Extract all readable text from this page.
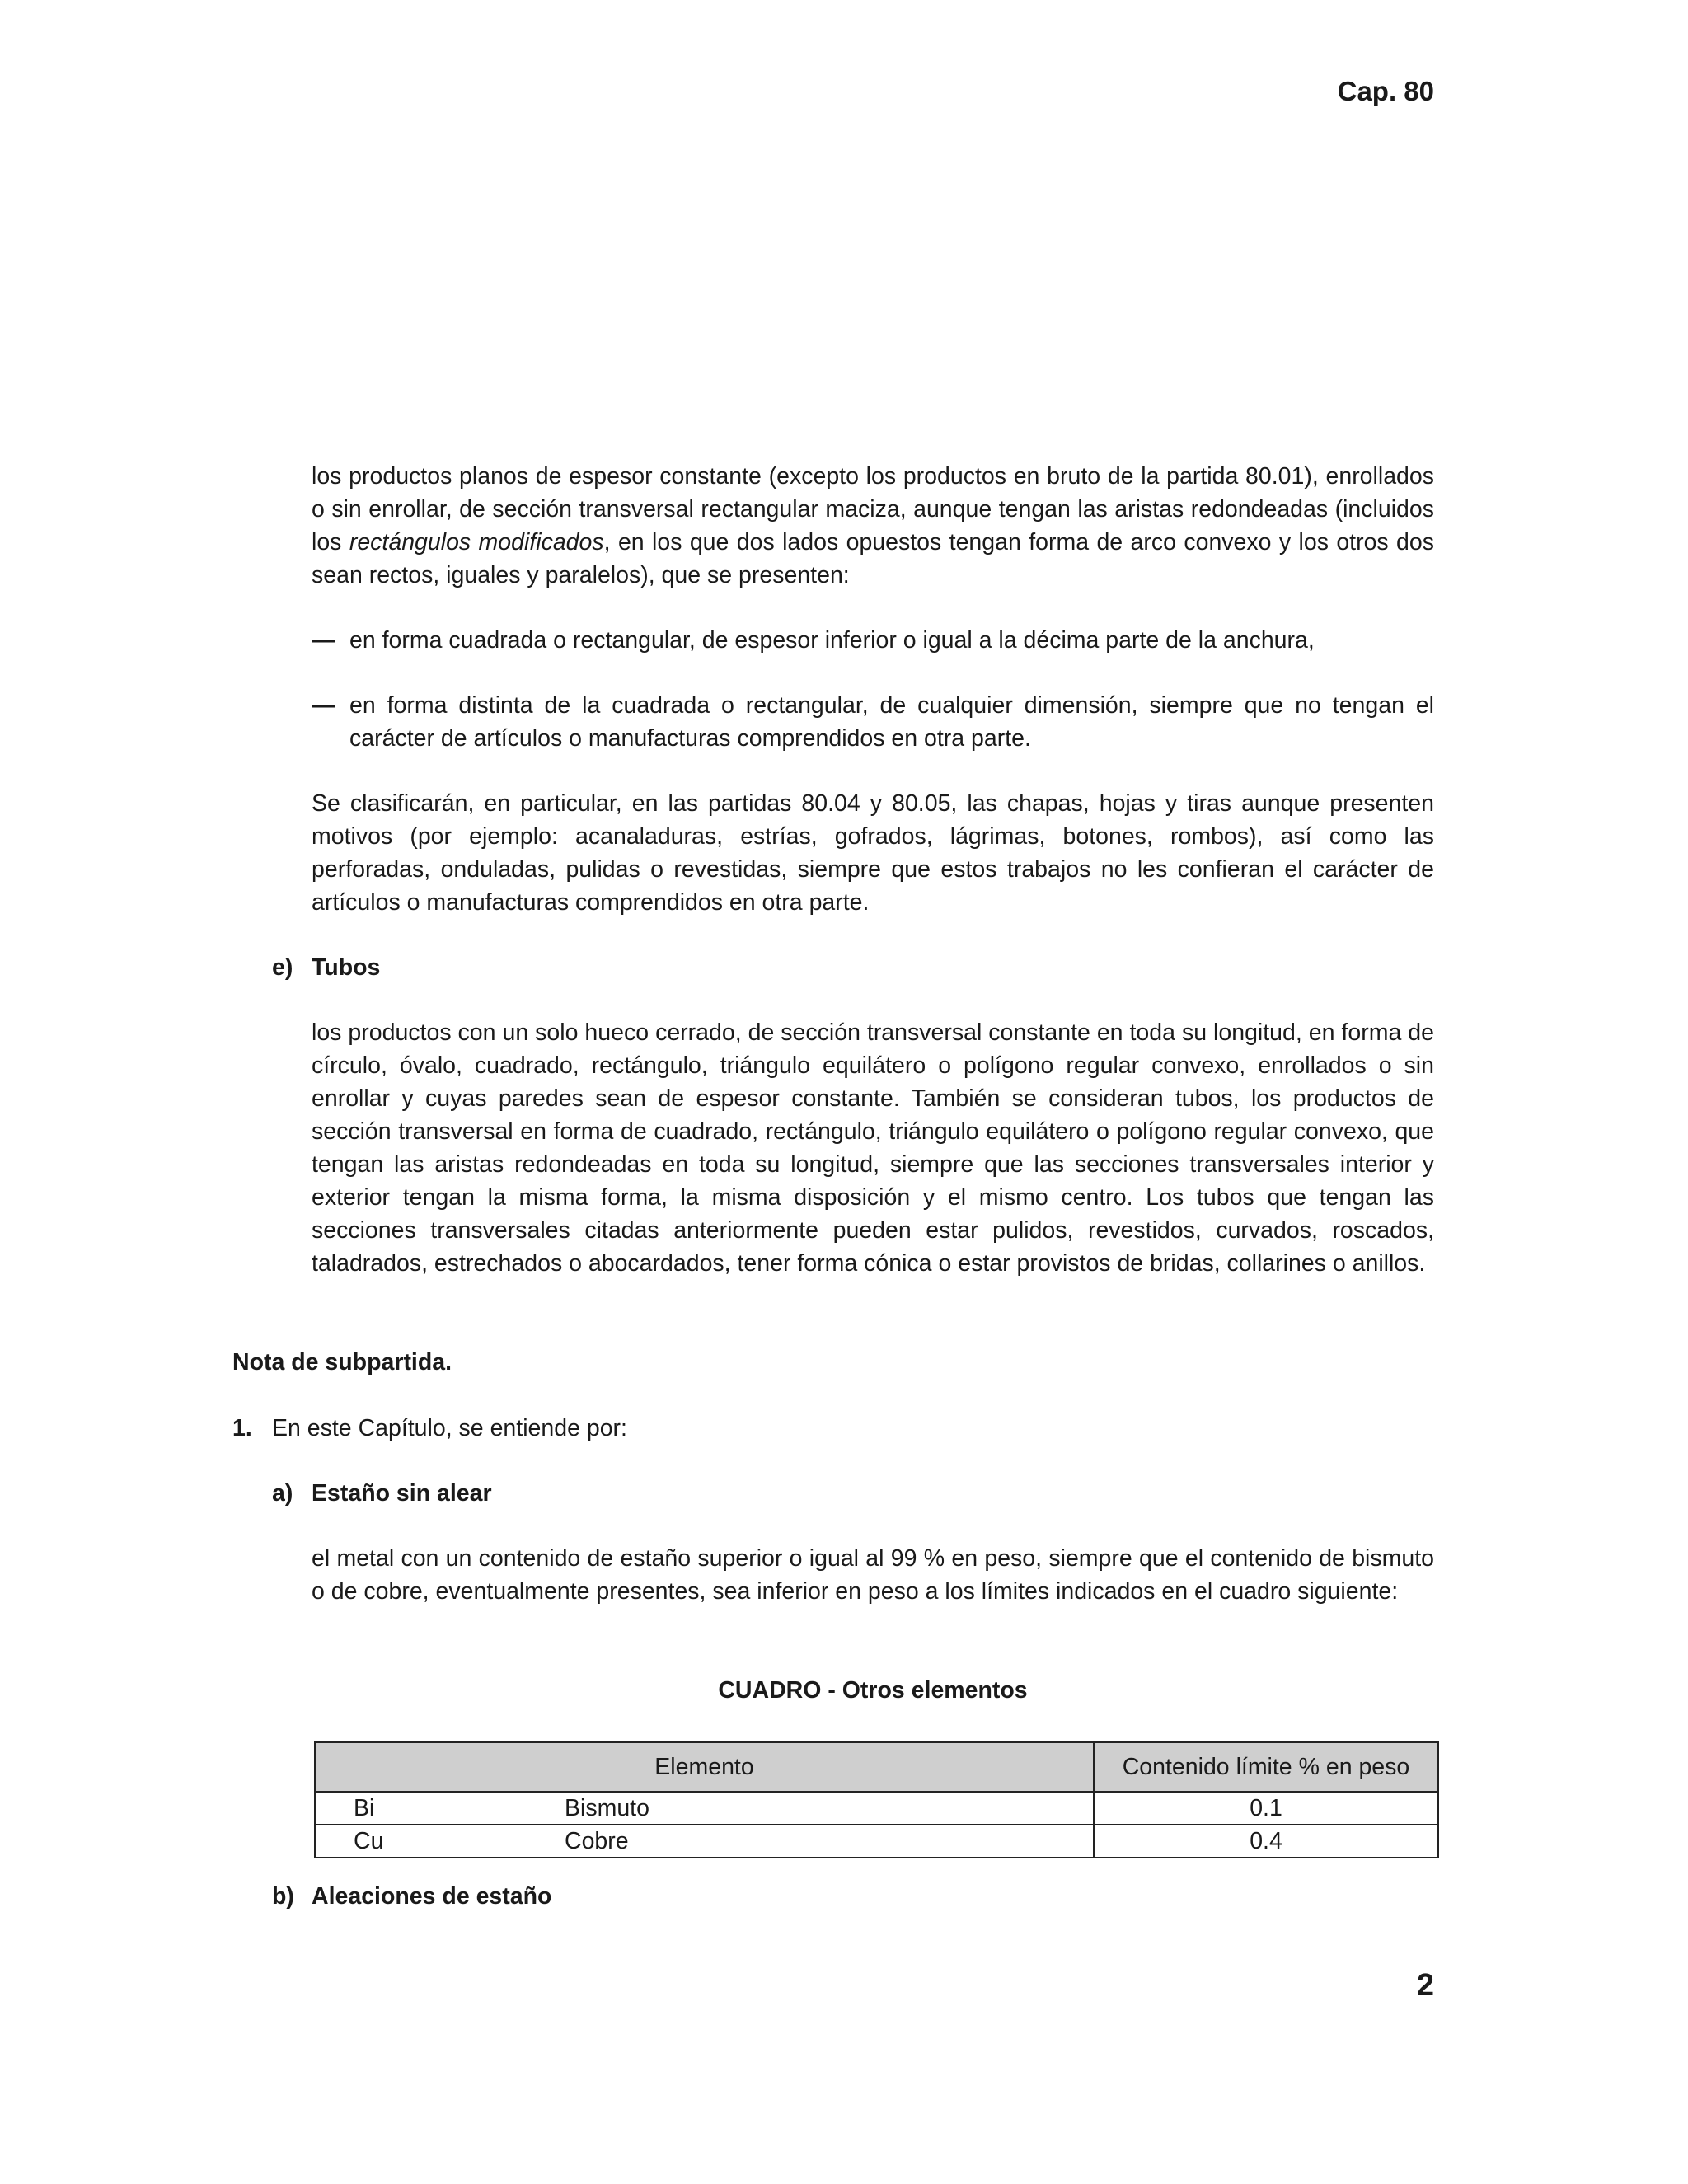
Cap. 80

los productos planos de espesor constante (excepto los productos en bruto de la partida 80.01), enrollados o sin enrollar, de sección transversal rectangular maciza, aunque tengan las aristas redondeadas (incluidos los rectángulos modificados, en los que dos lados opuestos tengan forma de arco convexo y los otros dos sean rectos, iguales y paralelos), que se presenten:

— en forma cuadrada o rectangular, de espesor inferior o igual a la décima parte de la anchura,
— en forma distinta de la cuadrada o rectangular, de cualquier dimensión, siempre que no tengan el carácter de artículos o manufacturas comprendidos en otra parte.

Se clasificarán, en particular, en las partidas 80.04 y 80.05, las chapas, hojas y tiras aunque presenten motivos (por ejemplo: acanaladuras, estrías, gofrados, lágrimas, botones, rombos), así como las perforadas, onduladas, pulidas o revestidas, siempre que estos trabajos no les confieran el carácter de artículos o manufacturas comprendidos en otra parte.

e) Tubos

los productos con un solo hueco cerrado, de sección transversal constante en toda su longitud, en forma de círculo, óvalo, cuadrado, rectángulo, triángulo equilátero o polígono regular convexo, enrollados o sin enrollar y cuyas paredes sean de espesor constante. También se consideran tubos, los productos de sección transversal en forma de cuadrado, rectángulo, triángulo equilátero o polígono regular convexo, que tengan las aristas redondeadas en toda su longitud, siempre que las secciones transversales interior y exterior tengan la misma forma, la misma disposición y el mismo centro. Los tubos que tengan las secciones transversales citadas anteriormente pueden estar pulidos, revestidos, curvados, roscados, taladrados, estrechados o abocardados, tener forma cónica o estar provistos de bridas, collarines o anillos.

Nota de subpartida.
1. En este Capítulo, se entiende por:
a) Estaño sin alear

el metal con un contenido de estaño superior o igual al 99 % en peso, siempre que el contenido de bismuto o de cobre, eventualmente presentes, sea inferior en peso a los límites indicados en el cuadro siguiente:

CUADRO - Otros elementos
Elemento		Contenido límite % en peso
Bi	Bismuto	0.1
Cu	Cobre	0.4
b) Aleaciones de estaño
2
